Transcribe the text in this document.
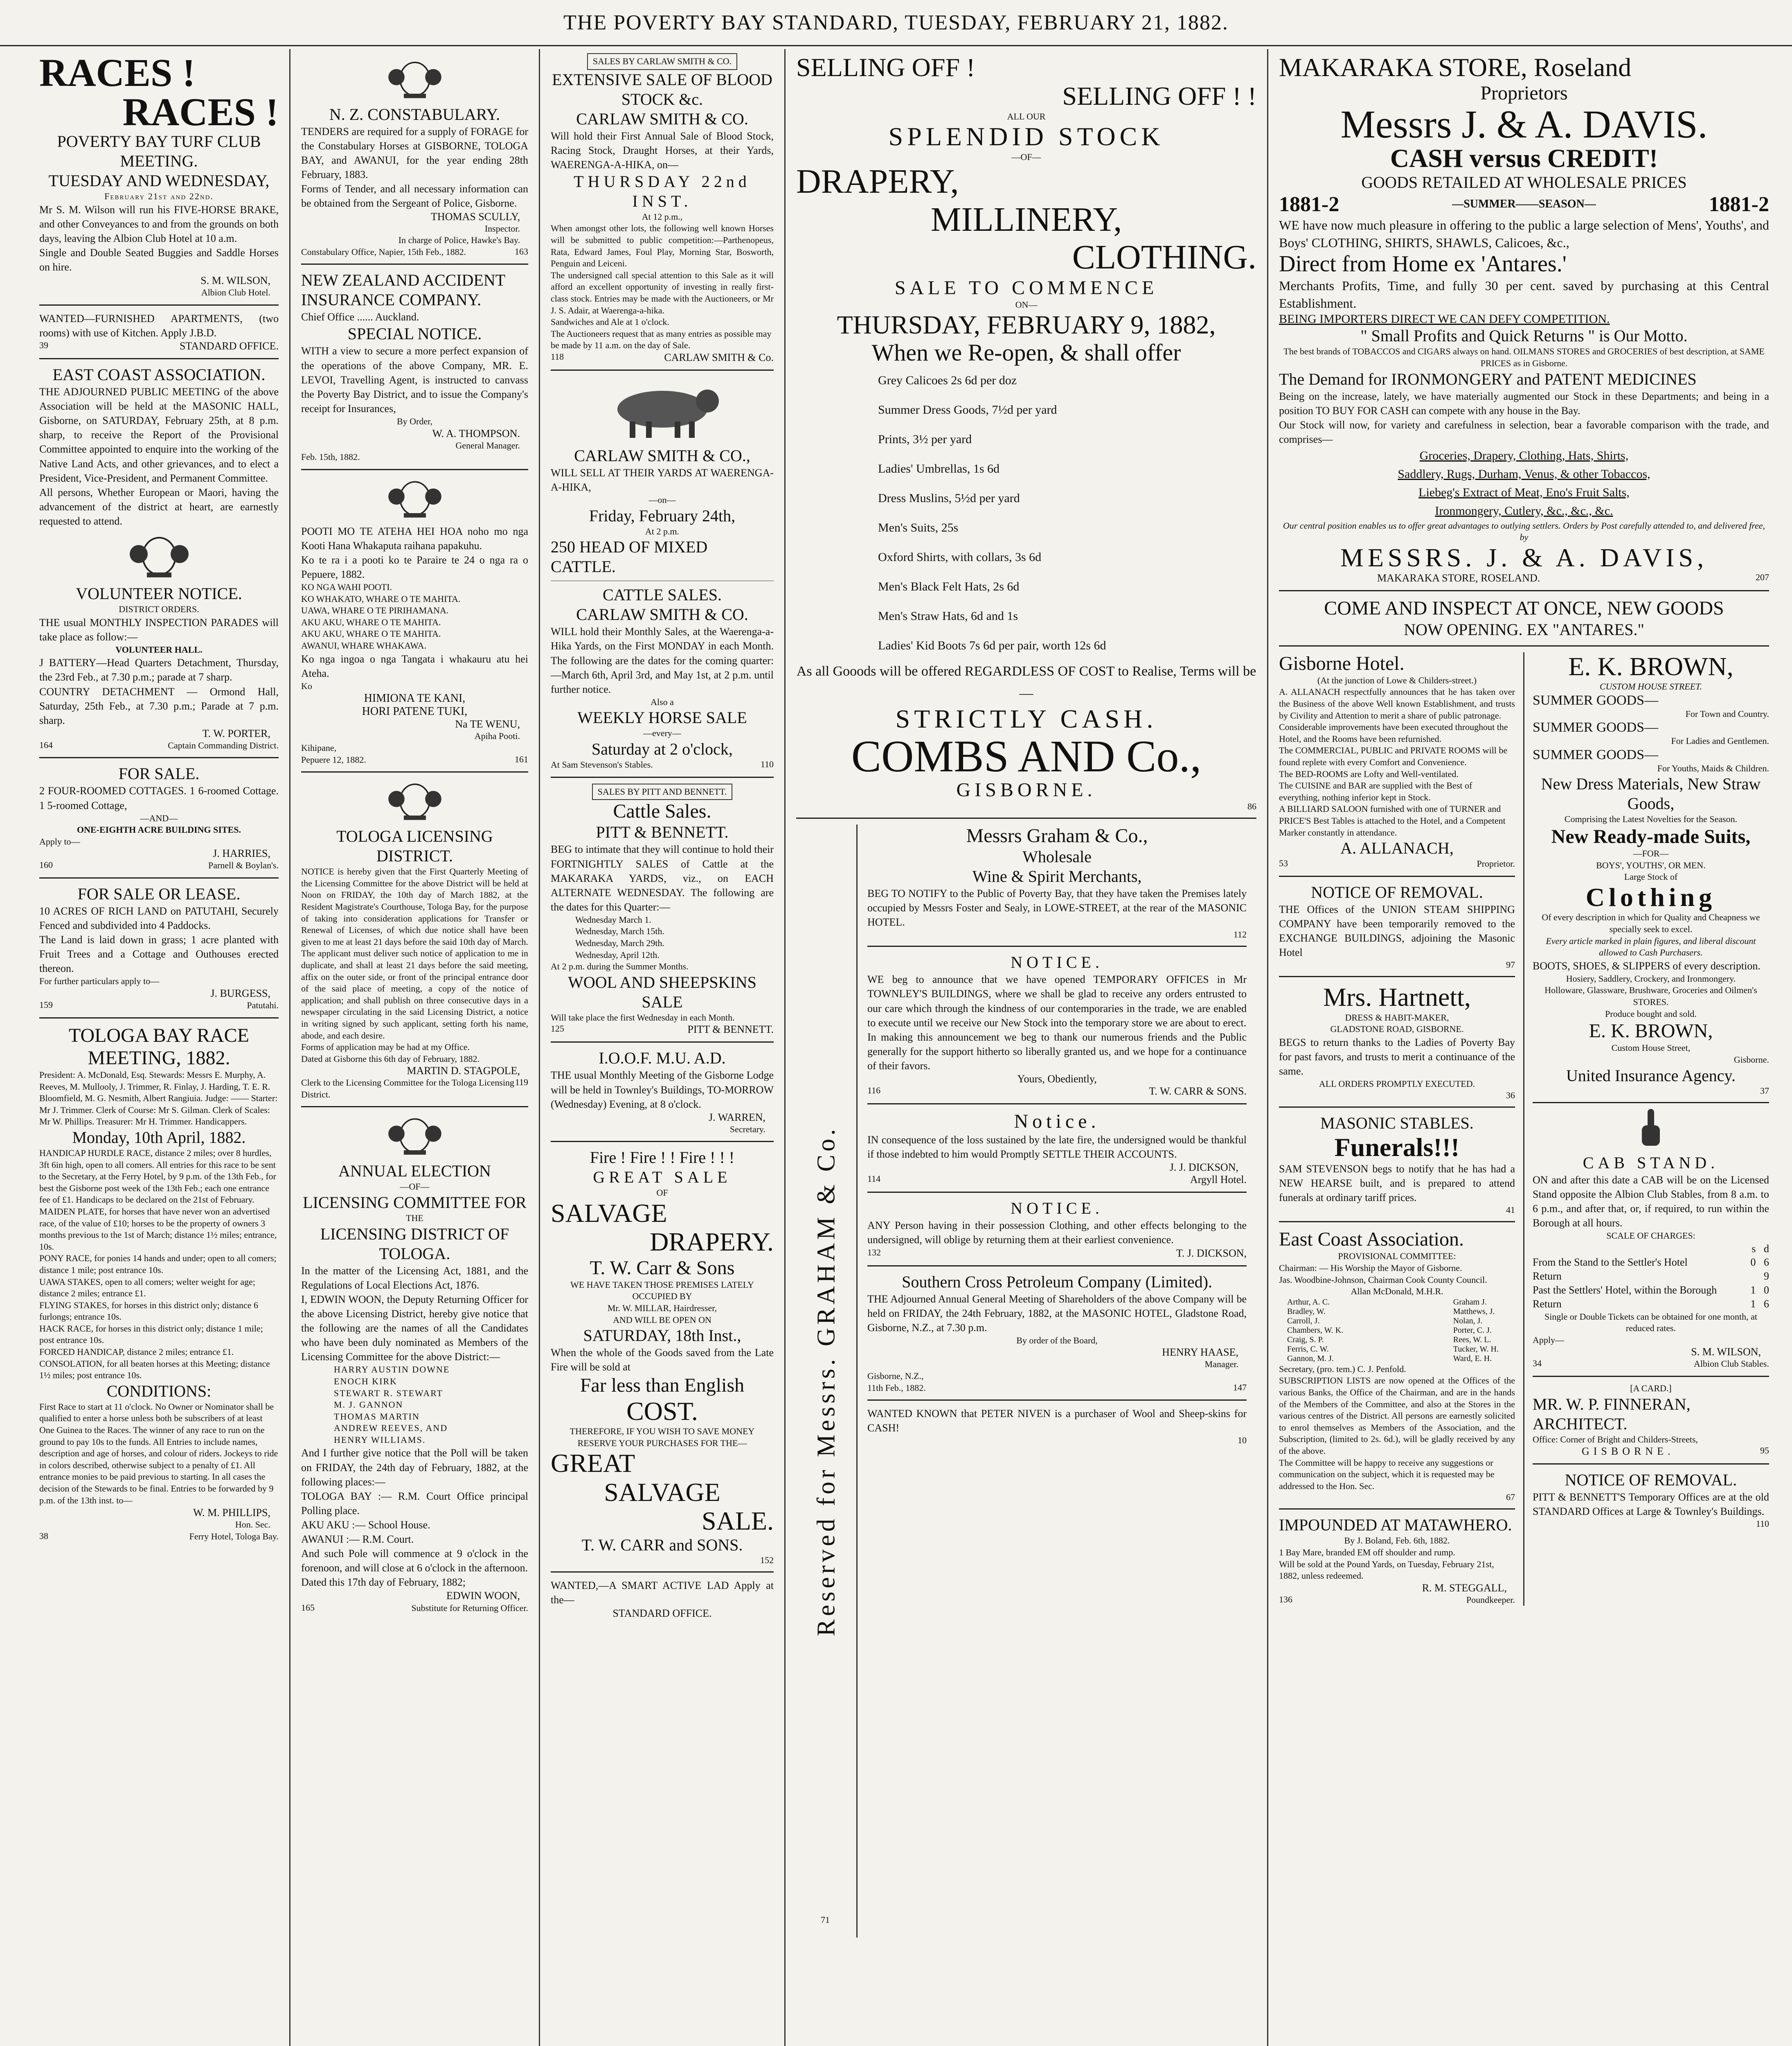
THE POVERTY BAY STANDARD, TUESDAY, FEBRUARY 21, 1882.
RACES !
RACES !
POVERTY BAY TURF CLUB MEETING.
TUESDAY AND WEDNESDAY,
February 21st and 22nd.
Mr S. M. Wilson will run his FIVE-HORSE BRAKE, and other Conveyances to and from the grounds on both days, leaving the Albion Club Hotel at 10 a.m.
Single and Double Seated Buggies and Saddle Horses on hire.
S. M. WILSON,
Albion Club Hotel.
WANTED—FURNISHED APARTMENTS, (two rooms) with use of Kitchen. Apply J.B.D.
39	STANDARD OFFICE.
EAST COAST ASSOCIATION.
THE ADJOURNED PUBLIC MEETING of the above Association will be held at the MASONIC HALL, Gisborne, on SATURDAY, February 25th, at 8 p.m. sharp, to receive the Report of the Provisional Committee appointed to enquire into the working of the Native Land Acts, and other grievances, and to elect a President, Vice-President, and Permanent Committee.
All persons, Whether European or Maori, having the advancement of the district at heart, are earnestly requested to attend.
VOLUNTEER NOTICE.
DISTRICT ORDERS.
THE usual MONTHLY INSPECTION PARADES will take place as follow:—
VOLUNTEER HALL.
J BATTERY—Head Quarters Detachment, Thursday, the 23rd Feb., at 7.30 p.m.; parade at 7 sharp.
COUNTRY DETACHMENT — Ormond Hall, Saturday, 25th Feb., at 7.30 p.m.; Parade at 7 p.m. sharp.
T. W. PORTER,
164	Captain Commanding District.
FOR SALE.
2 FOUR-ROOMED COTTAGES. 1 6-roomed Cottage. 1 5-roomed Cottage,
—AND—
ONE-EIGHTH ACRE BUILDING SITES.
Apply to—
J. HARRIES,
160	Parnell & Boylan's.
FOR SALE OR LEASE.
10 ACRES OF RICH LAND on PATUTAHI, Securely Fenced and subdivided into 4 Paddocks.
The Land is laid down in grass; 1 acre planted with Fruit Trees and a Cottage and Outhouses erected thereon.
For further particulars apply to—
J. BURGESS,
159	Patutahi.
TOLOGA BAY RACE MEETING, 1882.
President: A. McDonald, Esq. Stewards: Messrs E. Murphy, A. Reeves, M. Mullooly, J. Trimmer, R. Finlay, J. Harding, T. E. R. Bloomfield, M. G. Nesmith, Albert Rangiuia. Judge: —— Starter: Mr J. Trimmer. Clerk of Course: Mr S. Gilman. Clerk of Scales: Mr W. Phillips. Treasurer: Mr H. Trimmer. Handicappers.
Monday, 10th April, 1882.
HANDICAP HURDLE RACE, distance 2 miles; over 8 hurdles, 3ft 6in high, open to all comers. All entries for this race to be sent to the Secretary, at the Ferry Hotel, by 9 p.m. of the 13th Feb., for best the Gisborne post week of the 13th Feb.; each one entrance fee of £1. Handicaps to be declared on the 21st of February.
MAIDEN PLATE, for horses that have never won an advertised race, of the value of £10; horses to be the property of owners 3 months previous to the 1st of March; distance 1½ miles; entrance, 10s.
PONY RACE, for ponies 14 hands and under; open to all comers; distance 1 mile; post entrance 10s.
UAWA STAKES, open to all comers; welter weight for age; distance 2 miles; entrance £1.
FLYING STAKES, for horses in this district only; distance 6 furlongs; entrance 10s.
HACK RACE, for horses in this district only; distance 1 mile; post entrance 10s.
FORCED HANDICAP, distance 2 miles; entrance £1.
CONSOLATION, for all beaten horses at this Meeting; distance 1½ miles; post entrance 10s.
CONDITIONS:
First Race to start at 11 o'clock. No Owner or Nominator shall be qualified to enter a horse unless both be subscribers of at least One Guinea to the Races. The winner of any race to run on the ground to pay 10s to the funds. All Entries to include names, description and age of horses, and colour of riders. Jockeys to ride in colors described, otherwise subject to a penalty of £1. All entrance monies to be paid previous to starting. In all cases the decision of the Stewards to be final. Entries to be forwarded by 9 p.m. of the 13th inst. to—
W. M. PHILLIPS,
Hon. Sec.
38	Ferry Hotel, Tologa Bay.
N. Z. CONSTABULARY.
TENDERS are required for a supply of FORAGE for the Constabulary Horses at GISBORNE, TOLOGA BAY, and AWANUI, for the year ending 28th February, 1883.
Forms of Tender, and all necessary information can be obtained from the Sergeant of Police, Gisborne.
THOMAS SCULLY,
Inspector.
In charge of Police, Hawke's Bay.
Constabulary Office, Napier, 15th Feb., 1882.	163
NEW ZEALAND ACCIDENT INSURANCE COMPANY.
Chief Office ...... Auckland.
SPECIAL NOTICE.
WITH a view to secure a more perfect expansion of the operations of the above Company, MR. E. LEVOI, Travelling Agent, is instructed to canvass the Poverty Bay District, and to issue the Company's receipt for Insurances,
By Order,
W. A. THOMPSON.
General Manager.
Feb. 15th, 1882.
POOTI MO TE ATEHA HEI HOA noho mo nga Kooti Hana Whakaputa raihana papakuhu.
Ko te ra i a pooti ko te Paraire te 24 o nga ra o Pepuere, 1882.
KO NGA WAHI POOTI.
KO WHAKATO, WHARE O TE MAHITA.
UAWA, WHARE O TE PIRIHAMANA.
AKU AKU, WHARE O TE MAHITA.
AKU AKU, WHARE O TE MAHITA.
AWANUI, WHARE WHAKAWA.
Ko nga ingoa o nga Tangata i whakauru atu hei Ateha.
Ko
HIMIONA TE KANI,
HORI PATENE TUKI,
Na TE WENU,
Apiha Pooti.
Kihipane,
Pepuere 12, 1882.	161
TOLOGA LICENSING DISTRICT.
NOTICE is hereby given that the First Quarterly Meeting of the Licensing Committee for the above District will be held at Noon on FRIDAY, the 10th day of March 1882, at the Resident Magistrate's Courthouse, Tologa Bay, for the purpose of taking into consideration applications for Transfer or Renewal of Licenses, of which due notice shall have been given to me at least 21 days before the said 10th day of March. The applicant must deliver such notice of application to me in duplicate, and shall at least 21 days before the said meeting, affix on the outer side, or front of the principal entrance door of the said place of meeting, a copy of the notice of application; and shall publish on three consecutive days in a newspaper circulating in the said Licensing District, a notice in writing signed by such applicant, setting forth his name, abode, and each desire.
Forms of application may be had at my Office.
Dated at Gisborne this 6th day of February, 1882.
MARTIN D. STAGPOLE,
Clerk to the Licensing Committee for the Tologa Licensing District.
119
ANNUAL ELECTION
—OF—
LICENSING COMMITTEE FOR
THE
LICENSING DISTRICT OF TOLOGA.
In the matter of the Licensing Act, 1881, and the Regulations of Local Elections Act, 1876.
I, EDWIN WOON, the Deputy Returning Officer for the above Licensing District, hereby give notice that the following are the names of all the Candidates who have been duly nominated as Members of the Licensing Committee for the above District:—
HARRY AUSTIN DOWNE
ENOCH KIRK
STEWART R. STEWART
M. J. GANNON
THOMAS MARTIN
ANDREW REEVES, AND
HENRY WILLIAMS.
And I further give notice that the Poll will be taken on FRIDAY, the 24th day of February, 1882, at the following places:—
TOLOGA BAY :— R.M. Court Office principal Polling place.
AKU AKU :— School House.
AWANUI :— R.M. Court.
And such Pole will commence at 9 o'clock in the forenoon, and will close at 6 o'clock in the afternoon.
Dated this 17th day of February, 1882;
EDWIN WOON,
165	Substitute for Returning Officer.
SALES BY CARLAW SMITH & CO.
EXTENSIVE SALE OF BLOOD STOCK &c.
CARLAW SMITH & CO.
Will hold their First Annual Sale of Blood Stock, Racing Stock, Draught Horses, at their Yards, WAERENGA-A-HIKA, on—
THURSDAY 22nd INST.
At 12 p.m.,
When amongst other lots, the following well known Horses will be submitted to public competition:—Parthenopeus, Rata, Edward James, Foul Play, Morning Star, Bosworth, Penguin and Leiceni.
The undersigned call special attention to this Sale as it will afford an excellent opportunity of investing in really first-class stock. Entries may be made with the Auctioneers, or Mr J. S. Adair, at Waerenga-a-hika.
Sandwiches and Ale at 1 o'clock.
The Auctioneers request that as many entries as possible may be made by 11 a.m. on the day of Sale.
118	CARLAW SMITH & Co.
CARLAW SMITH & CO.,
WILL SELL AT THEIR YARDS AT WAERENGA-A-HIKA,
—on—
Friday, February 24th,
At 2 p.m.
250 HEAD OF MIXED CATTLE.
CATTLE SALES.
CARLAW SMITH & CO.
WILL hold their Monthly Sales, at the Waerenga-a-Hika Yards, on the First MONDAY in each Month. The following are the dates for the coming quarter:—March 6th, April 3rd, and May 1st, at 2 p.m. until further notice.
Also a
WEEKLY HORSE SALE
—every—
Saturday at 2 o'clock,
At Sam Stevenson's Stables.	110
SALES BY PITT AND BENNETT.
Cattle Sales.
PITT & BENNETT.
BEG to intimate that they will continue to hold their FORTNIGHTLY SALES of Cattle at the MAKARAKA YARDS, viz., on EACH ALTERNATE WEDNESDAY. The following are the dates for this Quarter:—
Wednesday March 1.
Wednesday, March 15th.
Wednesday, March 29th.
Wednesday, April 12th.
At 2 p.m. during the Summer Months.
WOOL AND SHEEPSKINS SALE
Will take place the first Wednesday in each Month.
125	PITT & BENNETT.
I.O.O.F. M.U. A.D.
THE usual Monthly Meeting of the Gisborne Lodge will be held in Townley's Buildings, TO-MORROW (Wednesday) Evening, at 8 o'clock.
J. WARREN,
Secretary.
Fire ! Fire ! ! Fire ! ! !
GREAT SALE
OF
SALVAGE
DRAPERY.
T. W. Carr & Sons
WE HAVE TAKEN THOSE PREMISES LATELY OCCUPIED BY
Mr. W. MILLAR, Hairdresser,
AND WILL BE OPEN ON
SATURDAY, 18th Inst.,
When the whole of the Goods saved from the Late Fire will be sold at
Far less than English
COST.
THEREFORE, IF YOU WISH TO SAVE MONEY RESERVE YOUR PURCHASES FOR THE—
GREAT
SALVAGE
SALE.
T. W. CARR and SONS.
152
WANTED,—A SMART ACTIVE LAD Apply at the—
STANDARD OFFICE.
SELLING OFF !
SELLING OFF ! !
ALL OUR
SPLENDID STOCK
—OF—
DRAPERY,
MILLINERY,
CLOTHING.
SALE TO COMMENCE
ON—
THURSDAY, FEBRUARY 9, 1882,
When we Re-open, & shall offer
Grey Calicoes 2s 6d per doz
Summer Dress Goods, 7½d per yard
Prints, 3½ per yard
Ladies' Umbrellas, 1s 6d
Dress Muslins, 5½d per yard
Men's Suits, 25s
Oxford Shirts, with collars, 3s 6d
Men's Black Felt Hats, 2s 6d
Men's Straw Hats, 6d and 1s
Ladies' Kid Boots 7s 6d per pair, worth 12s 6d
As all Gooods will be offered REGARDLESS OF COST to Realise, Terms will be—
STRICTLY CASH.
COMBS AND Co.,
GISBORNE.
86
Reserved for Messrs. GRAHAM & Co.
71
Messrs Graham & Co.,
Wholesale
Wine & Spirit Merchants,
BEG TO NOTIFY to the Public of Poverty Bay, that they have taken the Premises lately occupied by Messrs Foster and Sealy, in LOWE-STREET, at the rear of the MASONIC HOTEL.
112
NOTICE.
WE beg to announce that we have opened TEMPORARY OFFICES in Mr TOWNLEY'S BUILDINGS, where we shall be glad to receive any orders entrusted to our care which through the kindness of our contemporaries in the trade, we are enabled to execute until we receive our New Stock into the temporary store we are about to erect.
In making this announcement we beg to thank our numerous friends and the Public generally for the support hitherto so liberally granted us, and we hope for a continuance of their favors.
Yours, Obediently,
116	T. W. CARR & SONS.
Notice.
IN consequence of the loss sustained by the late fire, the undersigned would be thankful if those indebted to him would Promptly SETTLE THEIR ACCOUNTS.
J. J. DICKSON,
114	Argyll Hotel.
NOTICE.
ANY Person having in their possession Clothing, and other effects belonging to the undersigned, will oblige by returning them at their earliest convenience.
132	T. J. DICKSON,
Southern Cross Petroleum Company (Limited).
THE Adjourned Annual General Meeting of Shareholders of the above Company will be held on FRIDAY, the 24th February, 1882, at the MASONIC HOTEL, Gladstone Road, Gisborne, N.Z., at 7.30 p.m.
By order of the Board,
HENRY HAASE,
Manager.
Gisborne, N.Z.,
11th Feb., 1882.	147
WANTED KNOWN that PETER NIVEN is a purchaser of Wool and Sheep-skins for CASH!
10
MAKARAKA STORE, Roseland
Proprietors
Messrs J. & A. DAVIS.
CASH versus CREDIT!
GOODS RETAILED AT WHOLESALE PRICES
1881-2	—SUMMER——SEASON—	1881-2
WE have now much pleasure in offering to the public a large selection of Mens', Youths', and Boys' CLOTHING, SHIRTS, SHAWLS, Calicoes, &c.,
Direct from Home ex 'Antares.'
Merchants Profits, Time, and fully 30 per cent. saved by purchasing at this Central Establishment.
BEING IMPORTERS DIRECT WE CAN DEFY COMPETITION.
" Small Profits and Quick Returns " is Our Motto.
The best brands of TOBACCOS and CIGARS always on hand. OILMANS STORES and GROCERIES of best description, at SAME PRICES as in Gisborne.
The Demand for IRONMONGERY and PATENT MEDICINES
Being on the increase, lately, we have materially augmented our Stock in these Departments; and being in a position TO BUY FOR CASH can compete with any house in the Bay.
Our Stock will now, for variety and carefulness in selection, bear a favorable comparison with the trade, and comprises—
Groceries, Drapery, Clothing, Hats, Shirts,
Saddlery, Rugs, Durham, Venus, & other Tobaccos,
Liebeg's Extract of Meat, Eno's Fruit Salts,
Ironmongery, Cutlery, &c., &c., &c.
Our central position enables us to offer great advantages to outlying settlers. Orders by Post carefully attended to, and delivered free, by
MESSRS. J. & A. DAVIS,
MAKARAKA STORE, ROSELAND.	207
COME AND INSPECT AT ONCE, NEW GOODS
NOW OPENING. EX "ANTARES."
Gisborne Hotel.
(At the junction of Lowe & Childers-street.)
A. ALLANACH respectfully announces that he has taken over the Business of the above Well known Establishment, and trusts by Civility and Attention to merit a share of public patronage.
Considerable improvements have been executed throughout the Hotel, and the Rooms have been refurnished.
The COMMERCIAL, PUBLIC and PRIVATE ROOMS will be found replete with every Comfort and Convenience.
The BED-ROOMS are Lofty and Well-ventilated.
The CUISINE and BAR are supplied with the Best of everything, nothing inferior kept in Stock.
A BILLIARD SALOON furnished with one of TURNER and PRICE'S Best Tables is attached to the Hotel, and a Competent Marker constantly in attendance.
A. ALLANACH,
53	Proprietor.
NOTICE OF REMOVAL.
THE Offices of the UNION STEAM SHIPPING COMPANY have been temporarily removed to the EXCHANGE BUILDINGS, adjoining the Masonic Hotel
97
Mrs. Hartnett,
DRESS & HABIT-MAKER,
GLADSTONE ROAD, GISBORNE.
BEGS to return thanks to the Ladies of Poverty Bay for past favors, and trusts to merit a continuance of the same.
ALL ORDERS PROMPTLY EXECUTED.
36
MASONIC STABLES.
Funerals!!!
SAM STEVENSON begs to notify that he has had a NEW HEARSE built, and is prepared to attend funerals at ordinary tariff prices.
41
East Coast Association.
PROVISIONAL COMMITTEE:
Chairman: — His Worship the Mayor of Gisborne.
Jas. Woodbine-Johnson, Chairman Cook County Council.
Allan McDonald, M.H.R.
Arthur, A. C.
Bradley, W.
Carroll, J.
Chambers, W. K.
Craig, S. P.
Ferris, C. W.
Gannon, M. J.
Graham J.
Matthews, J.
Nolan, J.
Porter, C. J.
Rees, W. L.
Tucker, W. H.
Ward, E. H.
Secretary, (pro. tem.) C. J. Penfold.
SUBSCRIPTION LISTS are now opened at the Offices of the various Banks, the Office of the Chairman, and are in the hands of the Members of the Committee, and also at the Stores in the various centres of the District. All persons are earnestly solicited to enrol themselves as Members of the Association, and the Subscription, (limited to 2s. 6d.), will be gladly received by any of the above.
The Committee will be happy to receive any suggestions or communication on the subject, which it is requested may be addressed to the Hon. Sec.
67
IMPOUNDED AT MATAWHERO.
By J. Boland, Feb. 6th, 1882.
1 Bay Mare, branded EM off shoulder and rump.
Will be sold at the Pound Yards, on Tuesday, February 21st, 1882, unless redeemed.
R. M. STEGGALL,
136	Poundkeeper.
E. K. BROWN,
CUSTOM HOUSE STREET.
SUMMER GOODS—
For Town and Country.
SUMMER GOODS—
For Ladies and Gentlemen.
SUMMER GOODS—
For Youths, Maids & Children.
New Dress Materials, New Straw Goods,
Comprising the Latest Novelties for the Season.
New Ready-made Suits,
—FOR—
BOYS', YOUTHS', OR MEN.
Large Stock of
Clothing
Of every description in which for Quality and Cheapness we specially seek to excel.
Every article marked in plain figures, and liberal discount allowed to Cash Purchasers.
BOOTS, SHOES, & SLIPPERS of every description.
Hosiery, Saddlery, Crockery, and Ironmongery.
Holloware, Glassware, Brushware, Groceries and Oilmen's STORES.
Produce bought and sold.
E. K. BROWN,
Custom House Street,
Gisborne.
United Insurance Agency.
37
CAB STAND.
ON and after this date a CAB will be on the Licensed Stand opposite the Albion Club Stables, from 8 a.m. to 6 p.m., and after that, or, if required, to run within the Borough at all hours.
SCALE OF CHARGES:
s d
From the Stand to the Settler's Hotel	0 6
Return	9
Past the Settlers' Hotel, within the Borough	1 0
Return	1 6
Single or Double Tickets can be obtained for one month, at reduced rates.
Apply—
S. M. WILSON,
34	Albion Club Stables.
[A CARD.]
MR. W. P. FINNERAN, ARCHITECT.
Office: Corner of Bright and Childers-Streets,
GISBORNE.	95
NOTICE OF REMOVAL.
PITT & BENNETT'S Temporary Offices are at the old STANDARD Offices at Large & Townley's Buildings.
110
